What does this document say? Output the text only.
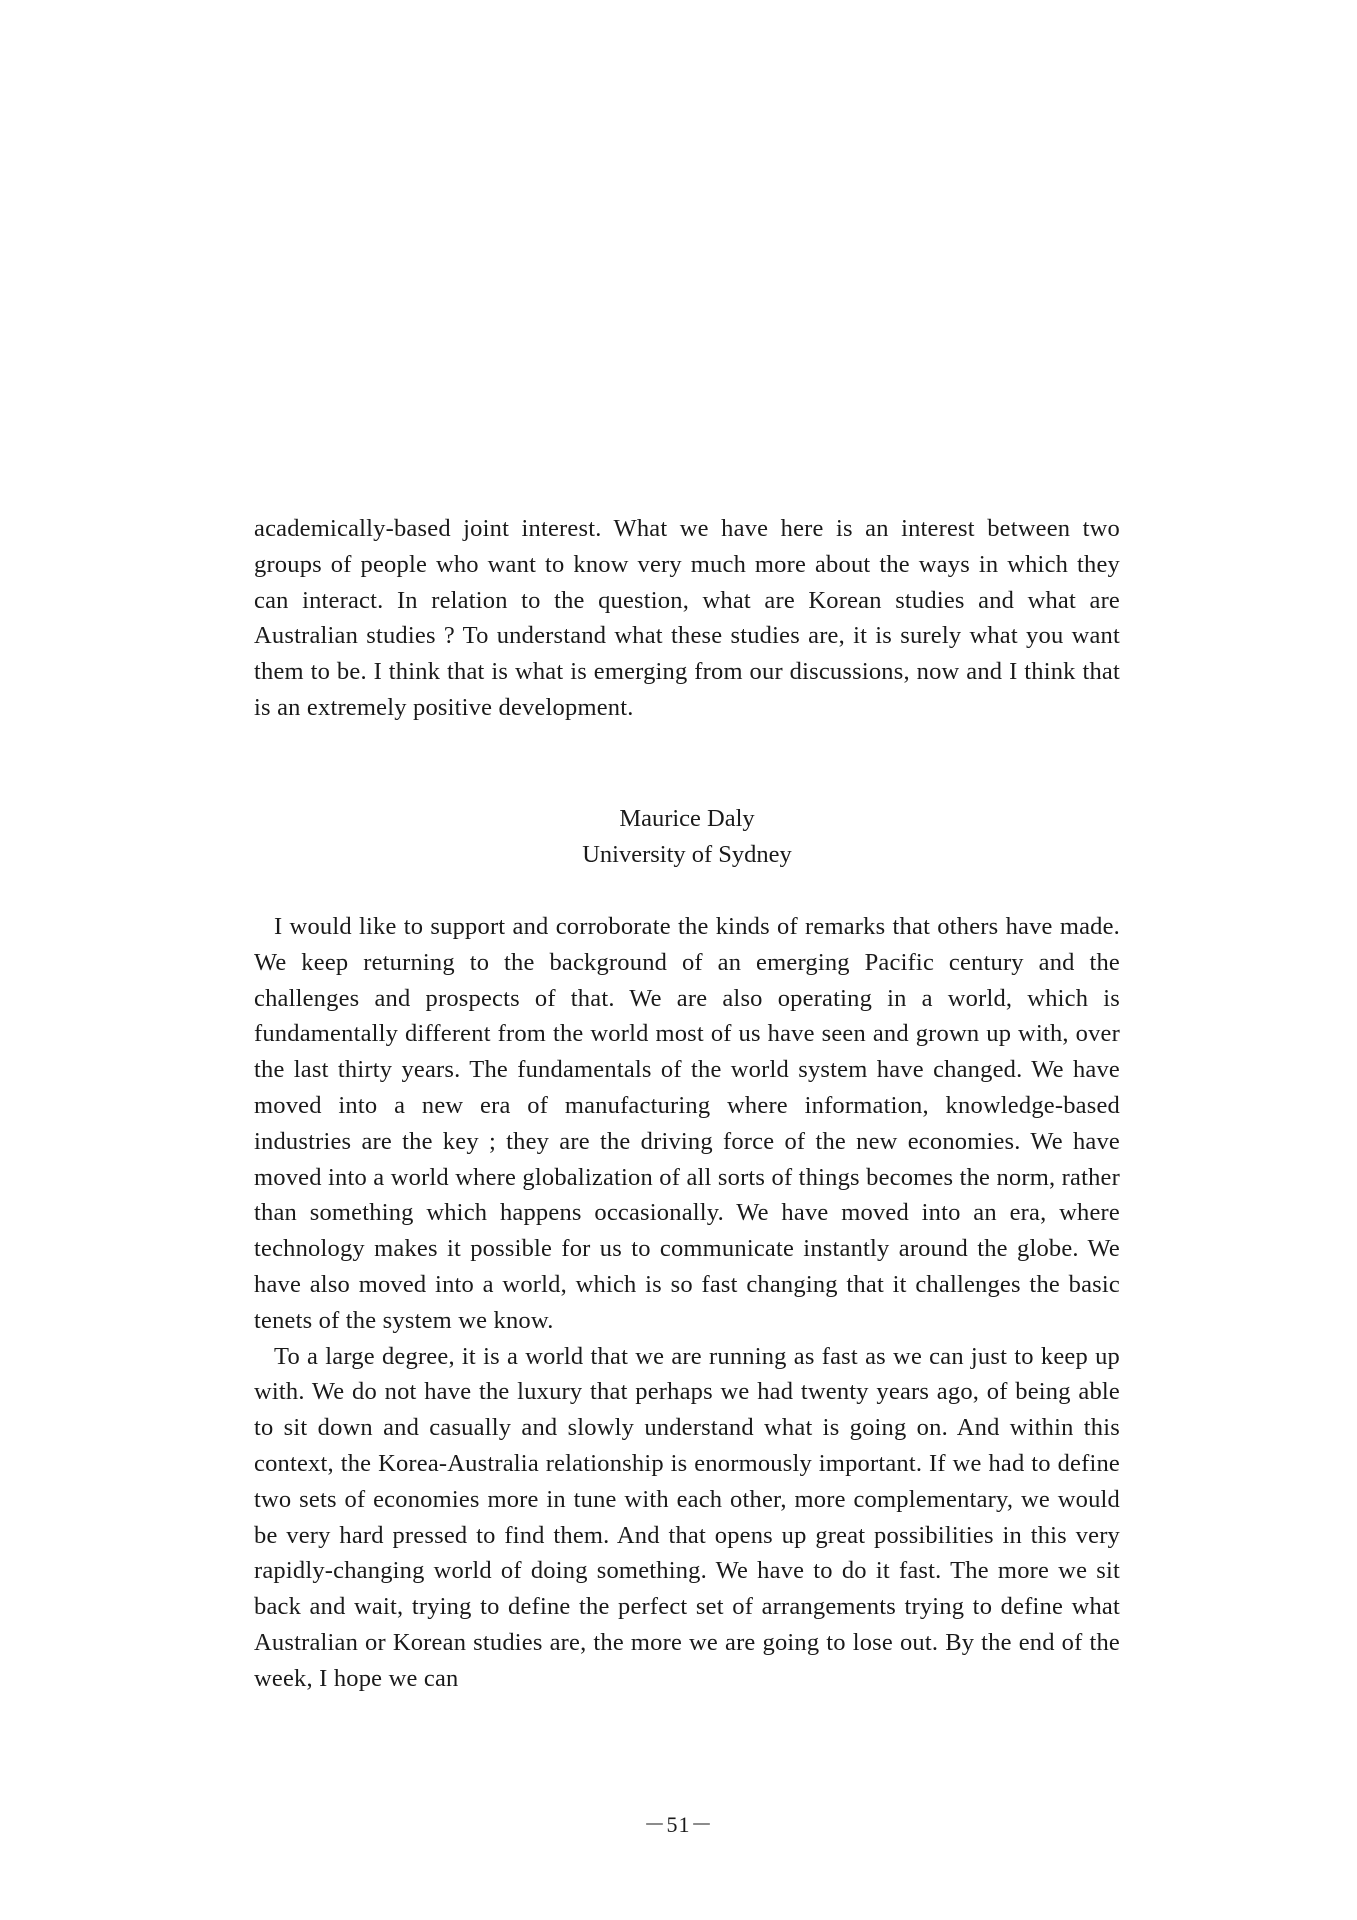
academically-based joint interest. What we have here is an interest between two groups of people who want to know very much more about the ways in which they can interact. In relation to the question, what are Korean studies and what are Australian studies ? To understand what these studies are, it is surely what you want them to be. I think that is what is emerging from our discussions, now and I think that is an extremely positive development.

Maurice Daly
University of Sydney

I would like to support and corroborate the kinds of remarks that others have made. We keep returning to the background of an emerging Pacific century and the challenges and prospects of that. We are also operating in a world, which is fundamentally different from the world most of us have seen and grown up with, over the last thirty years. The fundamentals of the world system have changed. We have moved into a new era of manufacturing where information, knowledge-based industries are the key ; they are the driving force of the new economies. We have moved into a world where globalization of all sorts of things becomes the norm, rather than something which happens occasionally. We have moved into an era, where technology makes it possible for us to communicate instantly around the globe. We have also moved into a world, which is so fast changing that it challenges the basic tenets of the system we know.

To a large degree, it is a world that we are running as fast as we can just to keep up with. We do not have the luxury that perhaps we had twenty years ago, of being able to sit down and casually and slowly understand what is going on. And within this context, the Korea-Australia relationship is enormously important. If we had to define two sets of economies more in tune with each other, more complementary, we would be very hard pressed to find them. And that opens up great possibilities in this very rapidly-changing world of doing something. We have to do it fast. The more we sit back and wait, trying to define the perfect set of arrangements trying to define what Australian or Korean studies are, the more we are going to lose out. By the end of the week, I hope we can

－51－
